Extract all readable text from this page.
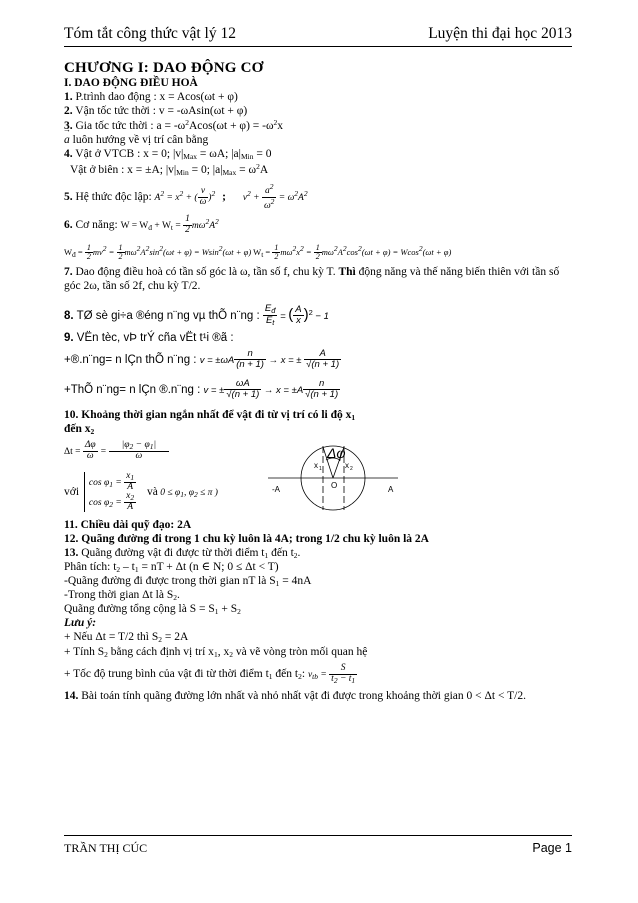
Tóm tắt công thức vật lý 12	Luyện thi đại học 2013
CHƯƠNG I: DAO ĐỘNG CƠ
I. DAO ĐỘNG ĐIỀU HOÀ
1. P.trình dao động : x = Acos(ωt + φ)
2. Vận tốc tức thời : v = -ωAsin(ωt + φ)
3. Gia tốc tức thời : $a = -\omega^2Acos(\omega t + \varphi) = -\omega^2x$
→ a luôn hướng về vị trí cân bằng
4. Vật ở VTCB : x = 0; $|v|_{Max} = \omega A$; $|a|_{Min} = 0$
Vật ở biên : x = ±A; $|v|_{Min} = 0$; $|a|_{Max} = \omega^2A$
5. Hệ thức độc lập: $A^2 = x^2$ + ( $\frac{v}{\omega} )^2$ ; $v^2 + \frac{a^2}{\omega^2} = \omega^2A^2$
6. Cơ năng: $W = W_đ + W_t = \frac{1}{2} m\omega^2A^2$
Wđ = $\frac{1}{2} mv2 = \frac{1}{2} m\omega 2A2\sin 2(\omega t + \varphi) = Wsin2(\omega t + \varphi) Wt = \frac{1}{2} m\omega 2x2 = \frac{1}{2} m\omega 2A2\cos 2(\omega t + \varphi) = Wcos2(\omega t + \varphi)$
7. Dao động điều hoà có tần số góc là ω, tần số f, chu kỳ T. Thì động năng và thế năng biến thiên với tần số góc 2ω, tần số 2f, chu kỳ T/2.
8. TØ sè gi÷a ®éng n¨ng vµ thÕ n¨ng : $\frac{E_đ}{E_t}$ = ( $\frac{A}{x} )^2 - 1$
9. VËn tèc, vÞ trÝ cña vËt t¹i ®ã :
+®.n¨ng= n lÇn thÕ n¨ng : $v = \pm\omega A \frac{n}{(n + 1)} \to x$ = ± $\frac{A}{√(n + 1)}$
+ThÕ n¨ng= n lÇn ®.n¨ng : v = ± $\frac{\omega A}{√(n + 1)} \to x = \pm A \frac{n}{√(n + 1)}$
10. Khoảng thời gian ngắn nhất để vật đi từ vị trí có li độ $x_1$
đến $x_2$
$\Delta t = \frac{\Delta\varphi}{\omega} = \frac{|\varphi_2 - \varphi_1|}{\omega}$
-A	A
x 1	x 2
O
Δφ
với
$\cos \varphi_1 = \frac{x_1}{A}$
$\cos \varphi_2 = \frac{x_2}{A}$
và $0 \le \varphi_1$, $\varphi_2 \le \pi$ )
11. Chiều dài quỹ đạo: 2A
12. Quãng đường đi trong 1 chu kỳ luôn là 4A; trong 1/2 chu kỳ luôn là 2A
13. Quãng đường vật đi được từ thời điểm $t_1$ đến $t_2$.
Phân tích: $t_2 - t_1$ = nT + Δt (n ∈ N; 0 ≤ Δt < T)
-Quãng đường đi được trong thời gian nT là $S_1 = 4nA$
-Trong thời gian Δt là $S_2$.
Quãng đường tổng cộng là $S = S_1 + S_2$
Lưu ý:
+ Nếu Δt = T/2 thì $S_2 = 2A$
+ Tính $S_2$ bằng cách định vị trí $x_1$, $x_2$ và vẽ vòng tròn mối quan hệ
+ Tốc độ trung bình của vật đi từ thời điểm $t_1$ đến $t_2$: $v_{tb} = \frac{S}{t_2 - t_1}$
14. Bài toán tính quãng đường lớn nhất và nhỏ nhất vật đi được trong khoảng thời gian 0 < Δt < T/2.
TRẦN THỊ CÚC	Page 1
